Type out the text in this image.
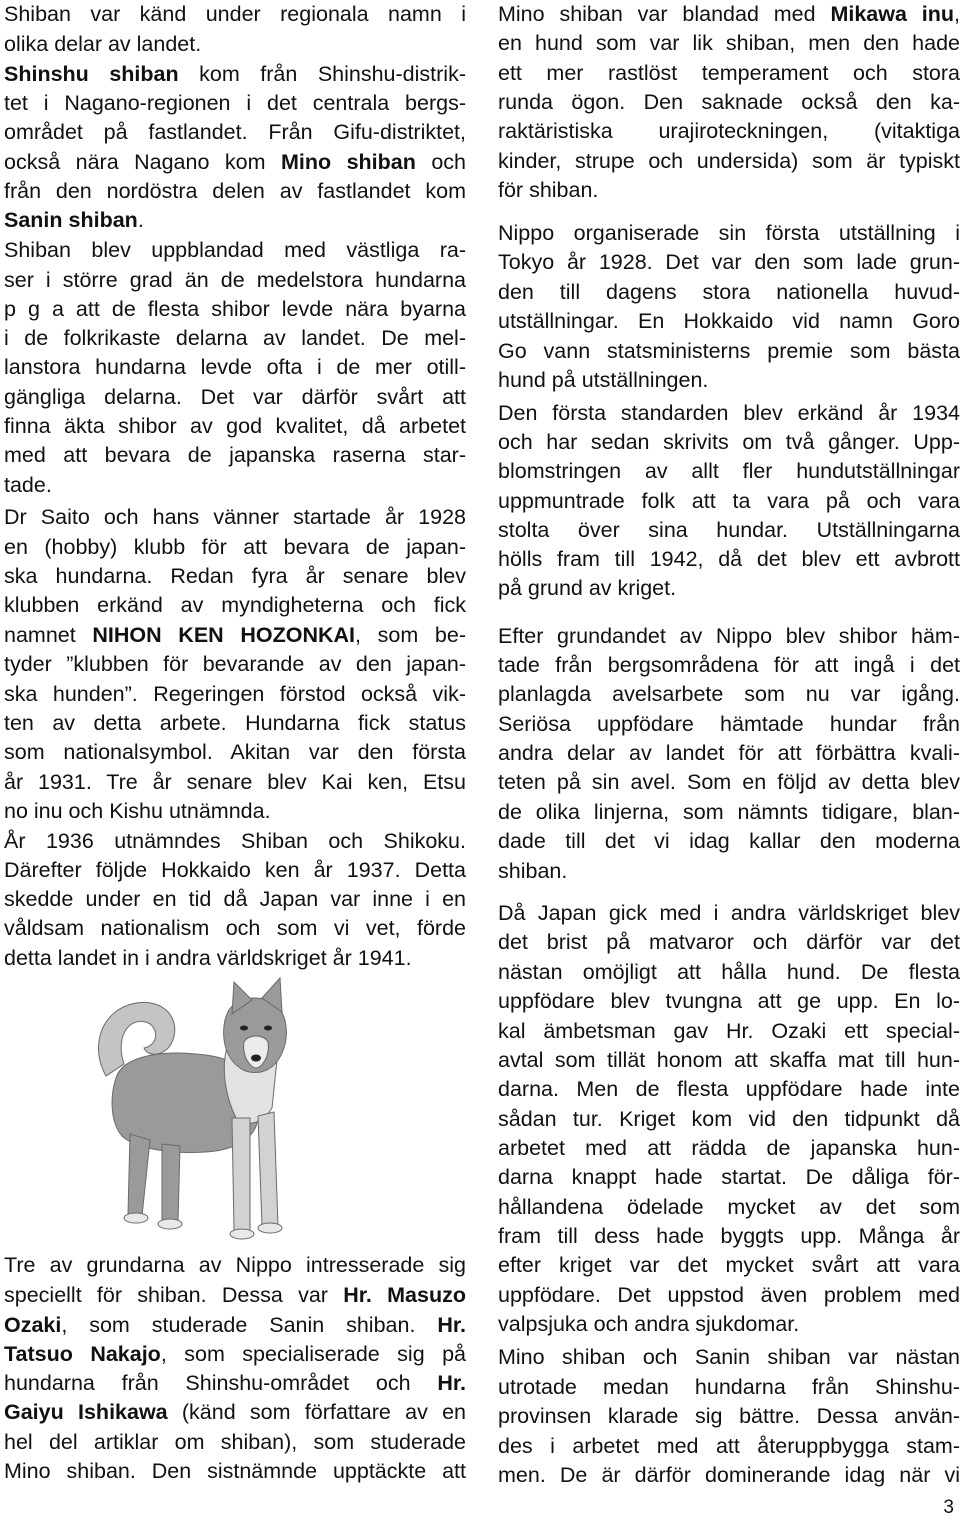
Shiban var känd under regionala namn i
olika delar av landet.
Shinshu shiban kom från Shinshu-distrik-
tet i Nagano-regionen i det centrala bergs-
området på fastlandet. Från Gifu-distriktet,
också nära Nagano kom Mino shiban och
från den nordöstra delen av fastlandet kom
Sanin shiban.
Shiban blev uppblandad med västliga ra-
ser i större grad än de medelstora hundarna
p g a att de flesta shibor levde nära byarna
i de folkrikaste delarna av landet. De mel-
lanstora hundarna levde ofta i de mer otill-
gängliga delarna. Det var därför svårt att
finna äkta shibor av god kvalitet, då arbetet
med att bevara de japanska raserna star-
tade.
Dr Saito och hans vänner startade år 1928
en (hobby) klubb för att bevara de japan-
ska hundarna. Redan fyra år senare blev
klubben erkänd av myndigheterna och fick
namnet NIHON KEN HOZONKAI, som be-
tyder ”klubben för bevarande av den japan-
ska hunden”. Regeringen förstod också vik-
ten av detta arbete. Hundarna fick status
som nationalsymbol. Akitan var den första
år 1931. Tre år senare blev Kai ken, Etsu
no inu och Kishu utnämnda.
År 1936 utnämndes Shiban och Shikoku.
Därefter följde Hokkaido ken år 1937. Detta
skedde under en tid då Japan var inne i en
våldsam nationalism och som vi vet, förde
detta landet in i andra världskriget år 1941.
Tre av grundarna av Nippo intresserade sig
speciellt för shiban. Dessa var Hr. Masuzo
Ozaki, som studerade Sanin shiban. Hr.
Tatsuo Nakajo, som specialiserade sig på
hundarna från Shinshu-området och Hr.
Gaiyu Ishikawa (känd som författare av en
hel del artiklar om shiban), som studerade
Mino shiban. Den sistnämnde upptäckte att
Mino shiban var blandad med Mikawa inu,
en hund som var lik shiban, men den hade
ett mer rastlöst temperament och stora
runda ögon. Den saknade också den ka-
raktäristiska urajiroteckningen, (vitaktiga
kinder, strupe och undersida) som är typiskt
för shiban.
Nippo organiserade sin första utställning i
Tokyo år 1928. Det var den som lade grun-
den till dagens stora nationella huvud-
utställningar. En Hokkaido vid namn Goro
Go vann statsministerns premie som bästa
hund på utställningen.
Den första standarden blev erkänd år 1934
och har sedan skrivits om två gånger. Upp-
blomstringen av allt fler hundutställningar
uppmuntrade folk att ta vara på och vara
stolta över sina hundar. Utställningarna
hölls fram till 1942, då det blev ett avbrott
på grund av kriget.
Efter grundandet av Nippo blev shibor häm-
tade från bergsområdena för att ingå i det
planlagda avelsarbete som nu var igång.
Seriösa uppfödare hämtade hundar från
andra delar av landet för att förbättra kvali-
teten på sin avel. Som en följd av detta blev
de olika linjerna, som nämnts tidigare, blan-
dade till det vi idag kallar den moderna
shiban.
Då Japan gick med i andra världskriget blev
det brist på matvaror och därför var det
nästan omöjligt att hålla hund. De flesta
uppfödare blev tvungna att ge upp. En lo-
kal ämbetsman gav Hr. Ozaki ett special-
avtal som tillät honom att skaffa mat till hun-
darna. Men de flesta uppfödare hade inte
sådan tur. Kriget kom vid den tidpunkt då
arbetet med att rädda de japanska hun-
darna knappt hade startat. De dåliga för-
hållandena ödelade mycket av det som
fram till dess hade byggts upp. Många år
efter kriget var det mycket svårt att vara
uppfödare. Det uppstod även problem med
valpsjuka och andra sjukdomar.
Mino shiban och Sanin shiban var nästan
utrotade medan hundarna från Shinshu-
provinsen klarade sig bättre. Dessa använ-
des i arbetet med att återuppbygga stam-
men. De är därför dominerande idag när vi
3
